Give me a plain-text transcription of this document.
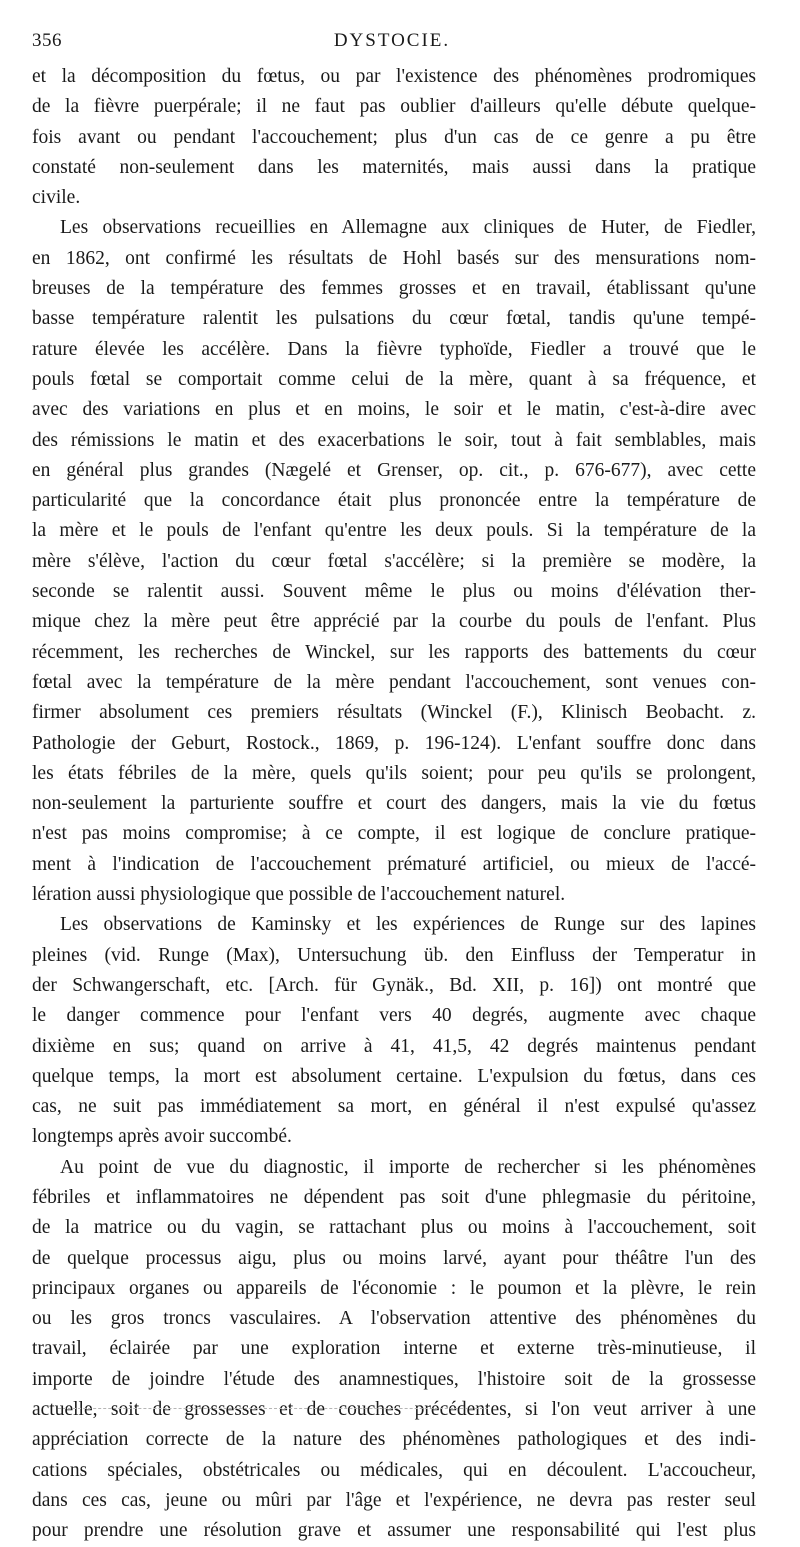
356	DYSTOCIE.
et la décomposition du fœtus, ou par l'existence des phénomènes prodromiques
de la fièvre puerpérale; il ne faut pas oublier d'ailleurs qu'elle débute quelque-
fois avant ou pendant l'accouchement; plus d'un cas de ce genre a pu être
constaté non-seulement dans les maternités, mais aussi dans la pratique
civile.
Les observations recueillies en Allemagne aux cliniques de Huter, de Fiedler,
en 1862, ont confirmé les résultats de Hohl basés sur des mensurations nom-
breuses de la température des femmes grosses et en travail, établissant qu'une
basse température ralentit les pulsations du cœur fœtal, tandis qu'une tempé-
rature élevée les accélère. Dans la fièvre typhoïde, Fiedler a trouvé que le
pouls fœtal se comportait comme celui de la mère, quant à sa fréquence, et
avec des variations en plus et en moins, le soir et le matin, c'est-à-dire avec
des rémissions le matin et des exacerbations le soir, tout à fait semblables, mais
en général plus grandes (Nægelé et Grenser, op. cit., p. 676-677), avec cette
particularité que la concordance était plus prononcée entre la température de
la mère et le pouls de l'enfant qu'entre les deux pouls. Si la température de la
mère s'élève, l'action du cœur fœtal s'accélère; si la première se modère, la
seconde se ralentit aussi. Souvent même le plus ou moins d'élévation ther-
mique chez la mère peut être apprécié par la courbe du pouls de l'enfant. Plus
récemment, les recherches de Winckel, sur les rapports des battements du cœur
fœtal avec la température de la mère pendant l'accouchement, sont venues con-
firmer absolument ces premiers résultats (Winckel (F.), Klinisch Beobacht. z.
Pathologie der Geburt, Rostock., 1869, p. 196-124). L'enfant souffre donc dans
les états fébriles de la mère, quels qu'ils soient; pour peu qu'ils se prolongent,
non-seulement la parturiente souffre et court des dangers, mais la vie du fœtus
n'est pas moins compromise; à ce compte, il est logique de conclure pratique-
ment à l'indication de l'accouchement prématuré artificiel, ou mieux de l'accé-
lération aussi physiologique que possible de l'accouchement naturel.
Les observations de Kaminsky et les expériences de Runge sur des lapines
pleines (vid. Runge (Max), Untersuchung üb. den Einfluss der Temperatur in
der Schwangerschaft, etc. [Arch. für Gynäk., Bd. XII, p. 16]) ont montré que
le danger commence pour l'enfant vers 40 degrés, augmente avec chaque
dixième en sus; quand on arrive à 41, 41,5, 42 degrés maintenus pendant
quelque temps, la mort est absolument certaine. L'expulsion du fœtus, dans ces
cas, ne suit pas immédiatement sa mort, en général il n'est expulsé qu'assez
longtemps après avoir succombé.
Au point de vue du diagnostic, il importe de rechercher si les phénomènes
fébriles et inflammatoires ne dépendent pas soit d'une phlegmasie du péritoine,
de la matrice ou du vagin, se rattachant plus ou moins à l'accouchement, soit
de quelque processus aigu, plus ou moins larvé, ayant pour théâtre l'un des
principaux organes ou appareils de l'économie : le poumon et la plèvre, le rein
ou les gros troncs vasculaires. A l'observation attentive des phénomènes du
travail, éclairée par une exploration interne et externe très-minutieuse, il
importe de joindre l'étude des anamnestiques, l'histoire soit de la grossesse
actuelle, soit de grossesses et de couches précédentes, si l'on veut arriver à une
appréciation correcte de la nature des phénomènes pathologiques et des indi-
cations spéciales, obstétricales ou médicales, qui en découlent. L'accoucheur,
dans ces cas, jeune ou mûri par l'âge et l'expérience, ne devra pas rester seul
pour prendre une résolution grave et assumer une responsabilité qui l'est plus
